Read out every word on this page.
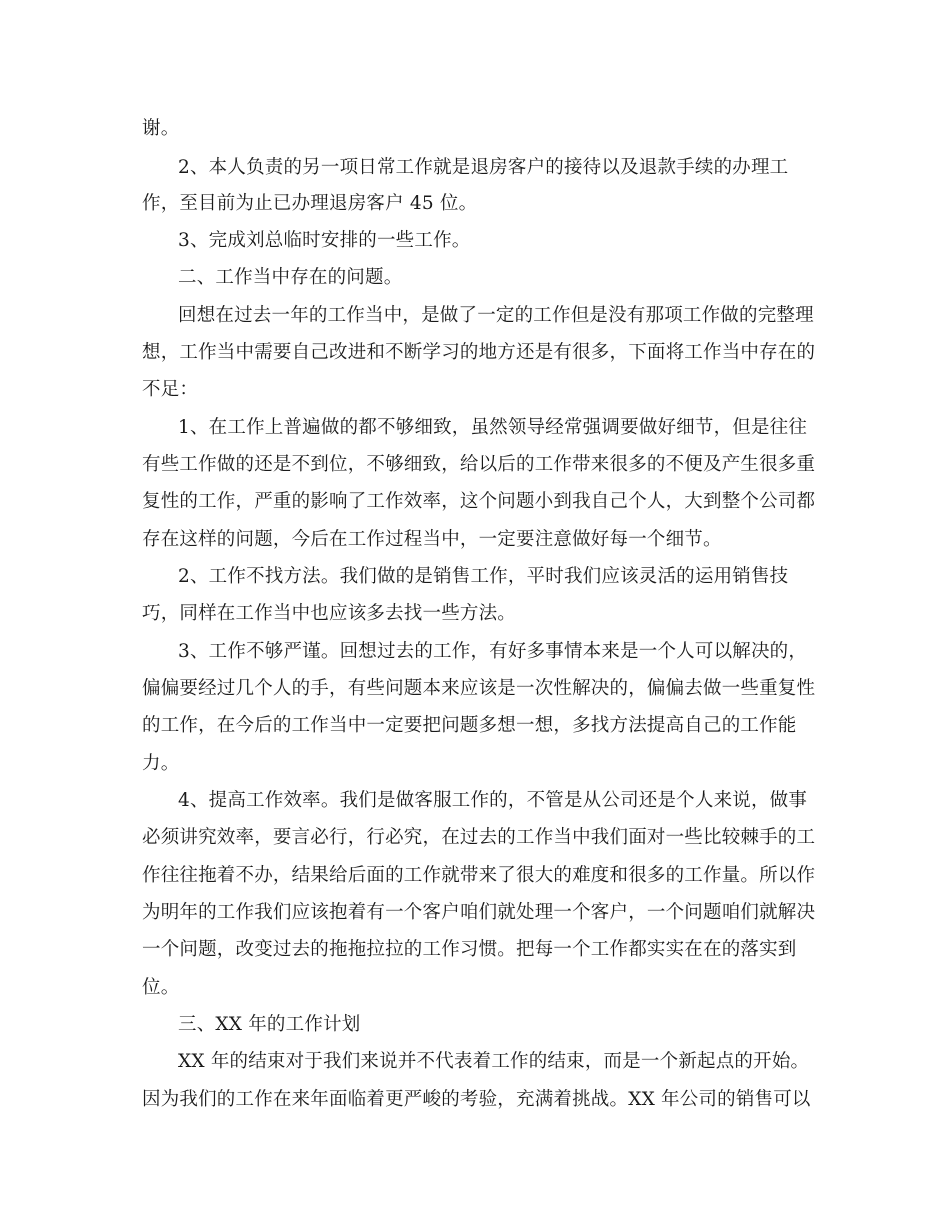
谢。
2、本人负责的另一项日常工作就是退房客户的接待以及退款手续的办理工
作，至目前为止已办理退房客户 45 位。
3、完成刘总临时安排的一些工作。
二、工作当中存在的问题。
回想在过去一年的工作当中，是做了一定的工作但是没有那项工作做的完整理
想，工作当中需要自己改进和不断学习的地方还是有很多，下面将工作当中存在的
不足：
1、在工作上普遍做的都不够细致，虽然领导经常强调要做好细节，但是往往
有些工作做的还是不到位，不够细致，给以后的工作带来很多的不便及产生很多重
复性的工作，严重的影响了工作效率，这个问题小到我自己个人，大到整个公司都
存在这样的问题，今后在工作过程当中，一定要注意做好每一个细节。
2、工作不找方法。我们做的是销售工作，平时我们应该灵活的运用销售技
巧，同样在工作当中也应该多去找一些方法。
3、工作不够严谨。回想过去的工作，有好多事情本来是一个人可以解决的，
偏偏要经过几个人的手，有些问题本来应该是一次性解决的，偏偏去做一些重复性
的工作，在今后的工作当中一定要把问题多想一想，多找方法提高自己的工作能
力。
4、提高工作效率。我们是做客服工作的，不管是从公司还是个人来说，做事
必须讲究效率，要言必行，行必究，在过去的工作当中我们面对一些比较棘手的工
作往往拖着不办，结果给后面的工作就带来了很大的难度和很多的工作量。所以作
为明年的工作我们应该抱着有一个客户咱们就处理一个客户，一个问题咱们就解决
一个问题，改变过去的拖拖拉拉的工作习惯。把每一个工作都实实在在的落实到
位。
三、XX 年的工作计划
XX 年的结束对于我们来说并不代表着工作的结束，而是一个新起点的开始。
因为我们的工作在来年面临着更严峻的考验，充满着挑战。XX 年公司的销售可以
